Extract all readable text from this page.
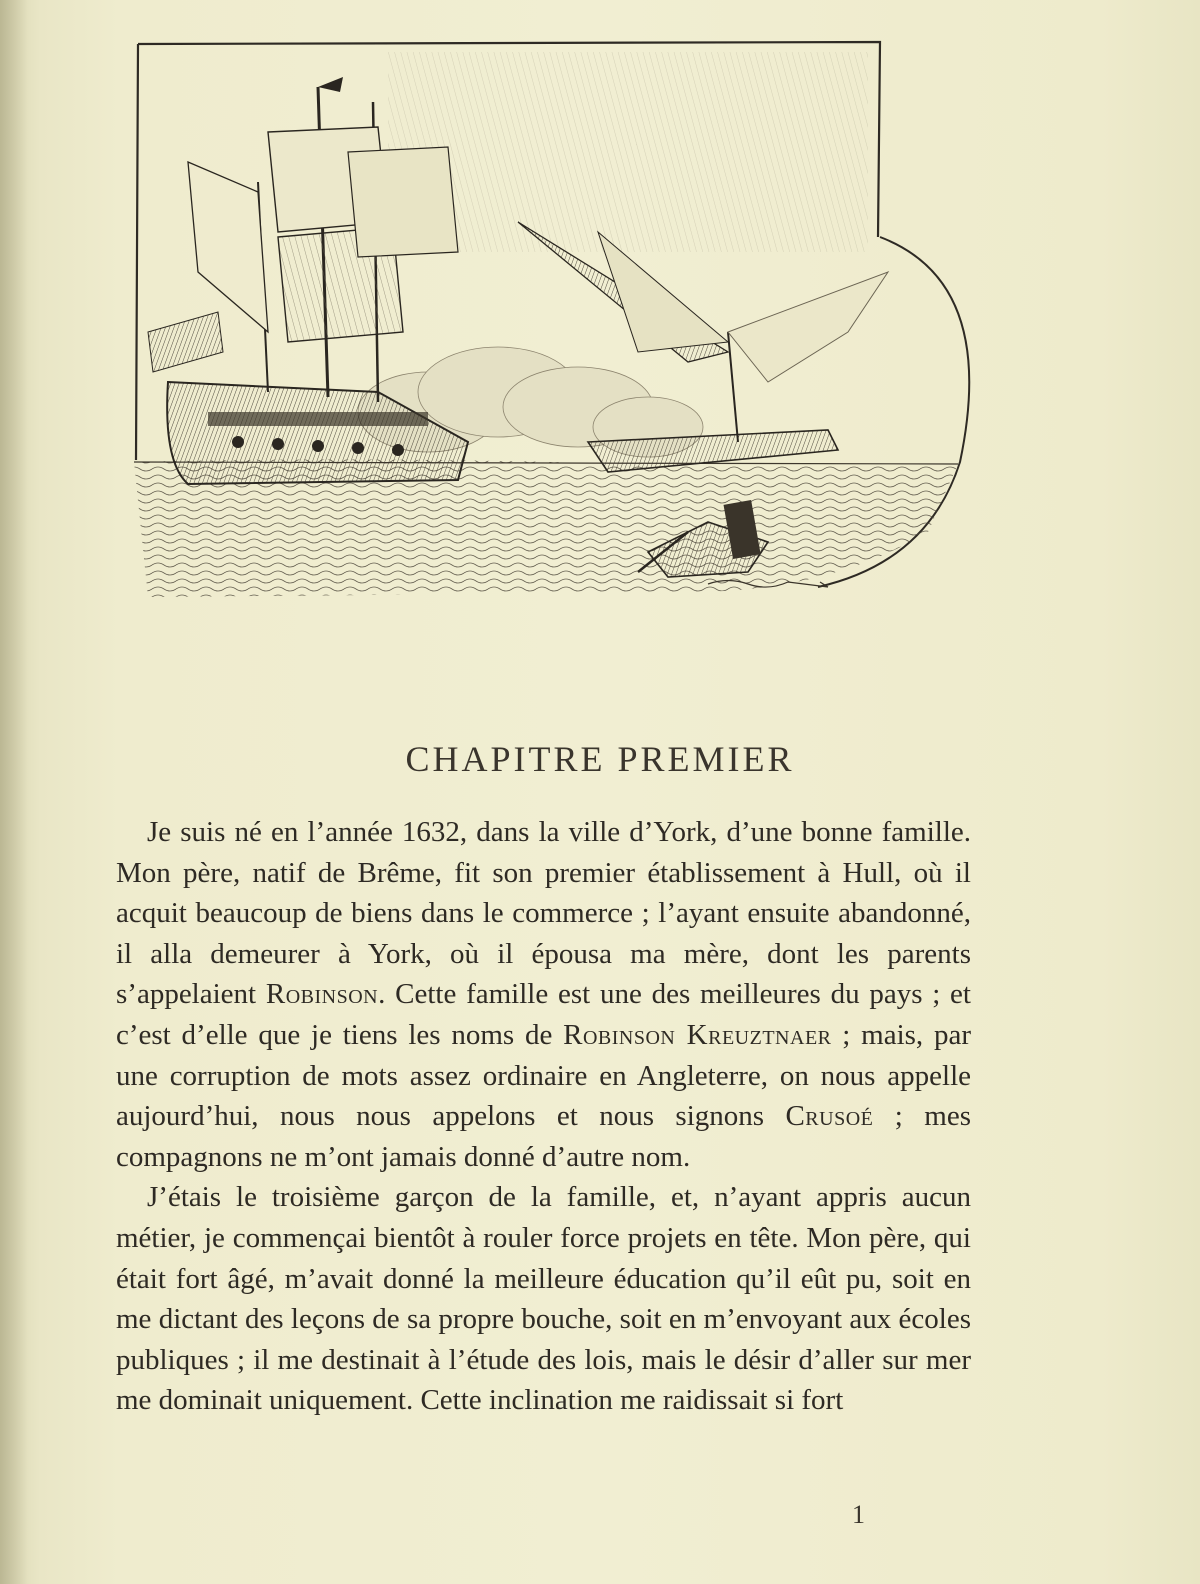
CHAPITRE PREMIER

Je suis né en l’année 1632, dans la ville d’York, d’une bonne famille. Mon père, natif de Brême, fit son premier établissement à Hull, où il acquit beaucoup de biens dans le commerce ; l’ayant ensuite abandonné, il alla demeurer à York, où il épousa ma mère, dont les parents s’appelaient Robinson. Cette famille est une des meilleures du pays ; et c’est d’elle que je tiens les noms de Robinson Kreuztnaer ; mais, par une corruption de mots assez ordinaire en Angleterre, on nous appelle aujourd’hui, nous nous appelons et nous signons Crusoé ; mes compagnons ne m’ont jamais donné d’autre nom.

J’étais le troisième garçon de la famille, et, n’ayant appris aucun métier, je commençai bientôt à rouler force projets en tête. Mon père, qui était fort âgé, m’avait donné la meilleure éducation qu’il eût pu, soit en me dictant des leçons de sa propre bouche, soit en m’envoyant aux écoles publiques ; il me destinait à l’étude des lois, mais le désir d’aller sur mer me dominait uniquement. Cette inclination me raidissait si fort

1
